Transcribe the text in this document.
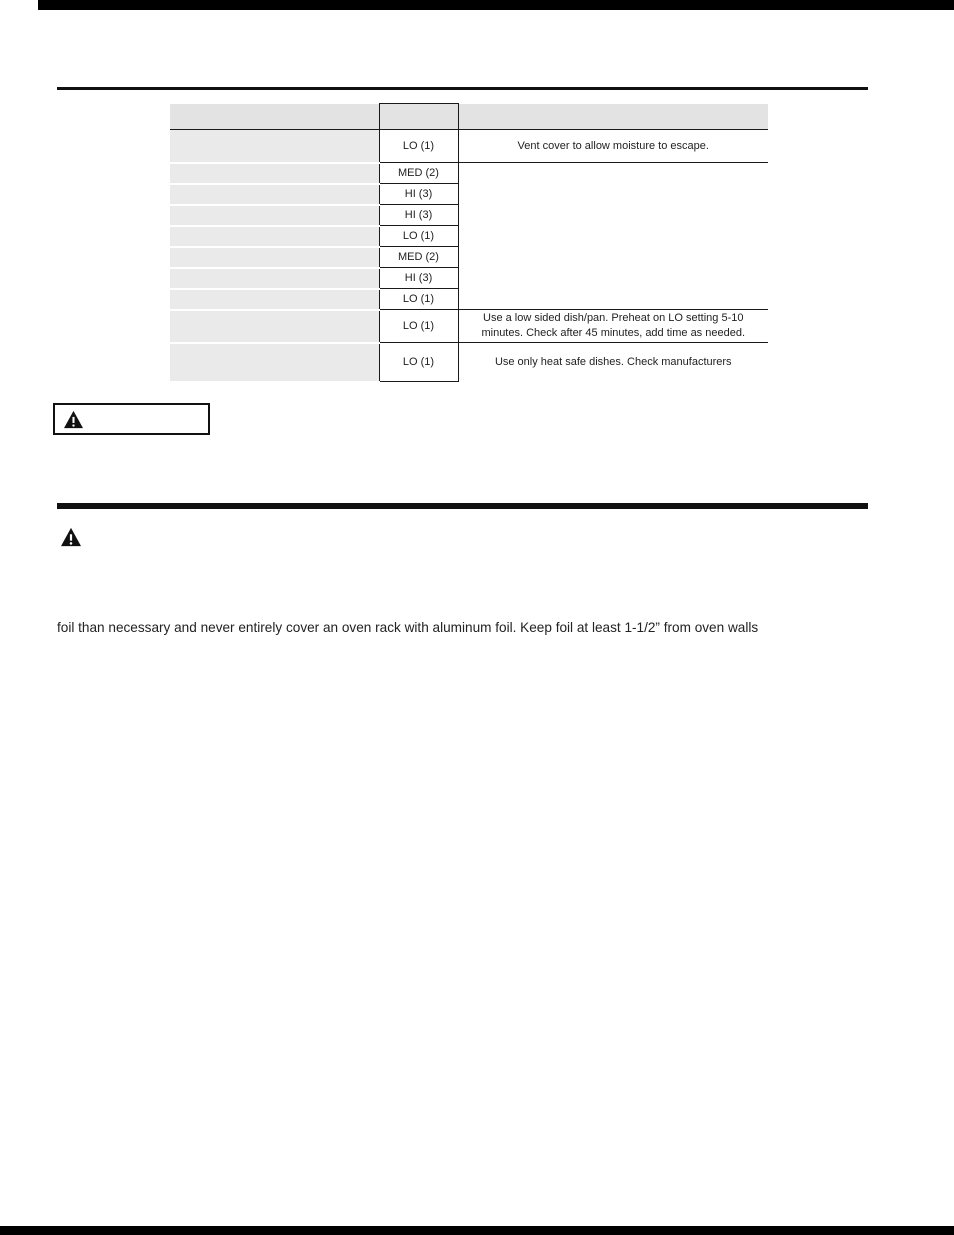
	LO (1)	Vent cover to allow moisture to escape.
	MED (2)	
	HI (3)	
	HI (3)	
	LO (1)	
	MED (2)	
	HI (3)	
	LO (1)	
	LO (1)	Use a low sided dish/pan. Preheat on LO setting 5-10 minutes. Check after 45 minutes, add time as needed.
	LO (1)	Use only heat safe dishes. Check manufacturers

foil than necessary and never entirely cover an oven rack with aluminum foil. Keep foil at least 1-1/2” from oven walls
